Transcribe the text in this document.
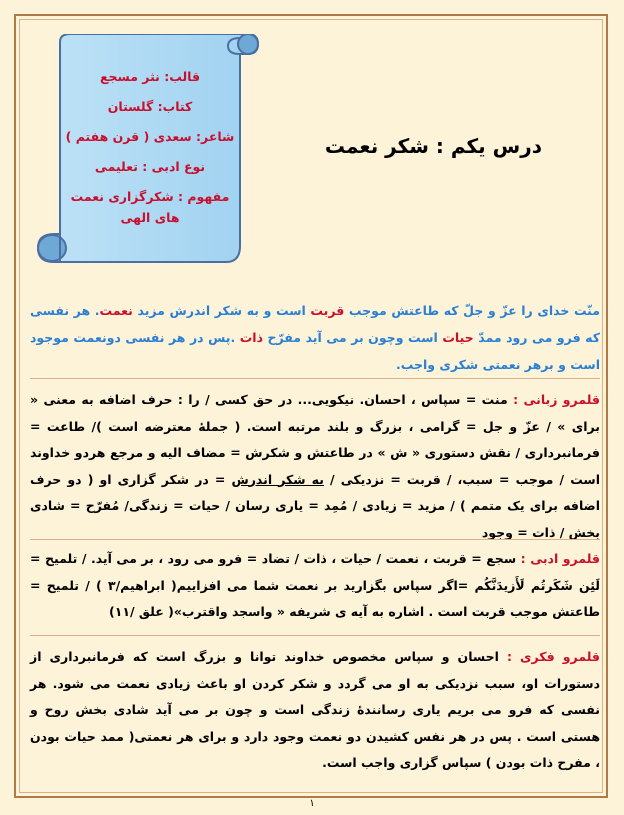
قالب: نثر مسجع
کتاب: گلستان
شاعر: سعدی ( قرن هفتم )
نوع ادبی : تعلیمی
مفهوم : شکرگزاری نعمت
های الهی
درس یکم : شکر نعمت
منّت خدای را عزّ و جلّ که طاعتش موجب قربت است و به شکر اندرش مزید نعمت. هر نفسی که فرو می رود ممدّ حیات است وچون بر می آید مفرّح ذات .پس در هر نفسی دونعمت موجود است و برهر نعمتی شکری واجب.
قلمرو زبانی : منت = سپاس ، احسان. نیکویی... در حق کسی / را : حرف اضافه به معنی « برای » / عزّ و جل = گرامی ، بزرگ و بلند مرتبه است. ( جملهٔ معترضه است )/ طاعت = فرمانبرداری / نقش دستوری « ش » در طاعتش و شکرش = مضاف الیه و مرجع هردو خداوند است / موجب = سبب، / قربت = نزدیکی / به شکر اندرش = در شکر گزاری او ( دو حرف اضافه برای یک متمم ) / مزید = زیادی / مُمِد = یاری رسان / حیات = زندگی/ مُفرّح = شادی بخش / ذات = وجود
قلمرو ادبی : سجع = قربت ، نعمت / حیات ، ذات / تضاد = فرو می رود ، بر می آید. / تلمیح = لَئِن شَکَرتُم لَأَزیدَنَّکُم =اگر سپاس بگزارید بر نعمت شما می افزاییم( ابراهیم/۳ ) / تلمیح = طاعتش موجب قربت است . اشاره به آیه ی شریفه « واسجد واقترب»( علق /۱۱)
قلمرو فکری : احسان و سپاس مخصوص خداوند توانا و بزرگ است که فرمانبرداری از دستورات او، سبب نزدیکی به او می گردد و شکر کردن او باعث زیادی نعمت می شود. هر نفسی که فرو می بریم یاری رسانندهٔ زندگی است و چون بر می آید شادی بخش روح و هستی است . پس در هر نفس کشیدن دو نعمت وجود دارد و برای هر نعمتی( ممد حیات بودن ، مفرح ذات بودن ) سپاس گزاری واجب است.
۱
